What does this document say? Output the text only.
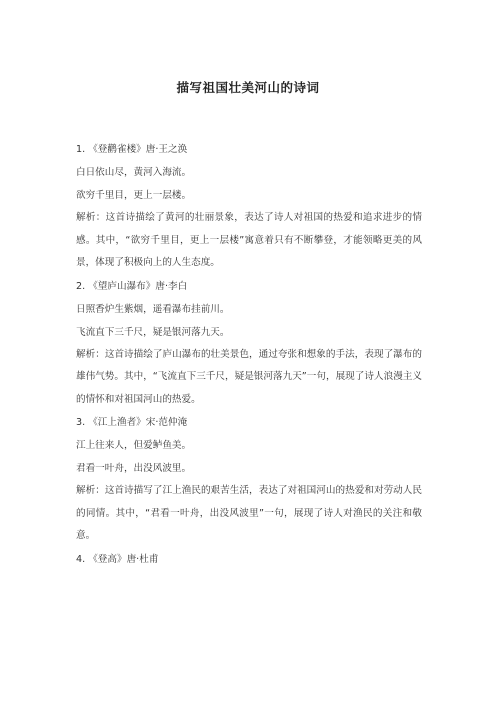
描写祖国壮美河山的诗词
1. 《登鹳雀楼》唐·王之涣
白日依山尽，黄河入海流。
欲穷千里目，更上一层楼。
解析：这首诗描绘了黄河的壮丽景象，表达了诗人对祖国的热爱和追求进步的情感。其中，“欲穷千里目，更上一层楼”寓意着只有不断攀登，才能领略更美的风景，体现了积极向上的人生态度。
2. 《望庐山瀑布》唐·李白
日照香炉生紫烟，遥看瀑布挂前川。
飞流直下三千尺，疑是银河落九天。
解析：这首诗描绘了庐山瀑布的壮美景色，通过夸张和想象的手法，表现了瀑布的雄伟气势。其中，“飞流直下三千尺，疑是银河落九天”一句，展现了诗人浪漫主义的情怀和对祖国河山的热爱。
3. 《江上渔者》宋·范仲淹
江上往来人，但爱鲈鱼美。
君看一叶舟，出没风波里。
解析：这首诗描写了江上渔民的艰苦生活，表达了对祖国河山的热爱和对劳动人民的同情。其中，“君看一叶舟，出没风波里”一句，展现了诗人对渔民的关注和敬意。
4. 《登高》唐·杜甫
